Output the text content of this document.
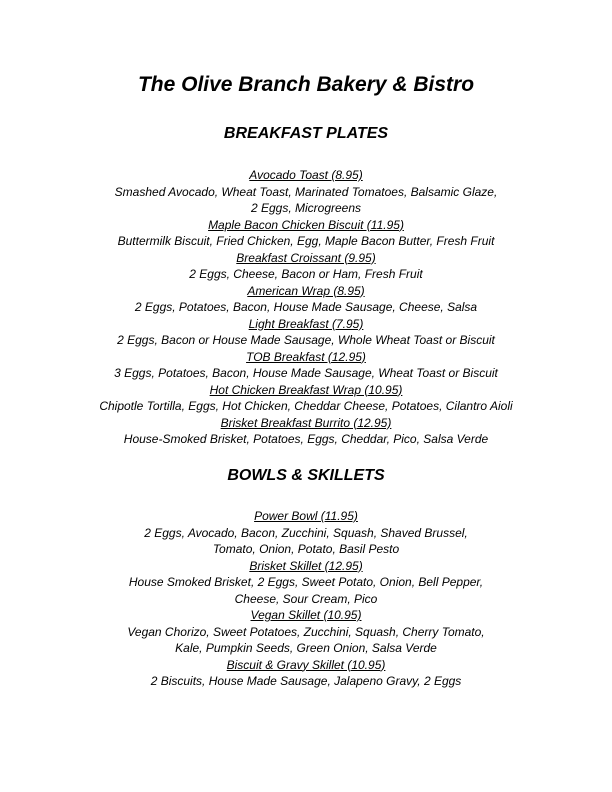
The Olive Branch Bakery & Bistro
BREAKFAST PLATES
Avocado Toast (8.95)
Smashed Avocado, Wheat Toast, Marinated Tomatoes, Balsamic Glaze,
2 Eggs, Microgreens
Maple Bacon Chicken Biscuit (11.95)
Buttermilk Biscuit, Fried Chicken, Egg, Maple Bacon Butter, Fresh Fruit
Breakfast Croissant (9.95)
2 Eggs, Cheese, Bacon or Ham, Fresh Fruit
American Wrap (8.95)
2 Eggs, Potatoes, Bacon, House Made Sausage, Cheese, Salsa
Light Breakfast (7.95)
2 Eggs, Bacon or House Made Sausage, Whole Wheat Toast or Biscuit
TOB Breakfast (12.95)
3 Eggs, Potatoes, Bacon, House Made Sausage, Wheat Toast or Biscuit
Hot Chicken Breakfast Wrap (10.95)
Chipotle Tortilla, Eggs, Hot Chicken, Cheddar Cheese, Potatoes, Cilantro Aioli
Brisket Breakfast Burrito (12.95)
House-Smoked Brisket, Potatoes, Eggs, Cheddar, Pico, Salsa Verde
BOWLS & SKILLETS
Power Bowl (11.95)
2 Eggs, Avocado, Bacon, Zucchini, Squash, Shaved Brussel,
Tomato, Onion, Potato, Basil Pesto
Brisket Skillet (12.95)
House Smoked Brisket, 2 Eggs, Sweet Potato, Onion, Bell Pepper,
Cheese, Sour Cream, Pico
Vegan Skillet (10.95)
Vegan Chorizo, Sweet Potatoes, Zucchini, Squash, Cherry Tomato,
Kale, Pumpkin Seeds, Green Onion, Salsa Verde
Biscuit & Gravy Skillet (10.95)
2 Biscuits, House Made Sausage, Jalapeno Gravy, 2 Eggs
